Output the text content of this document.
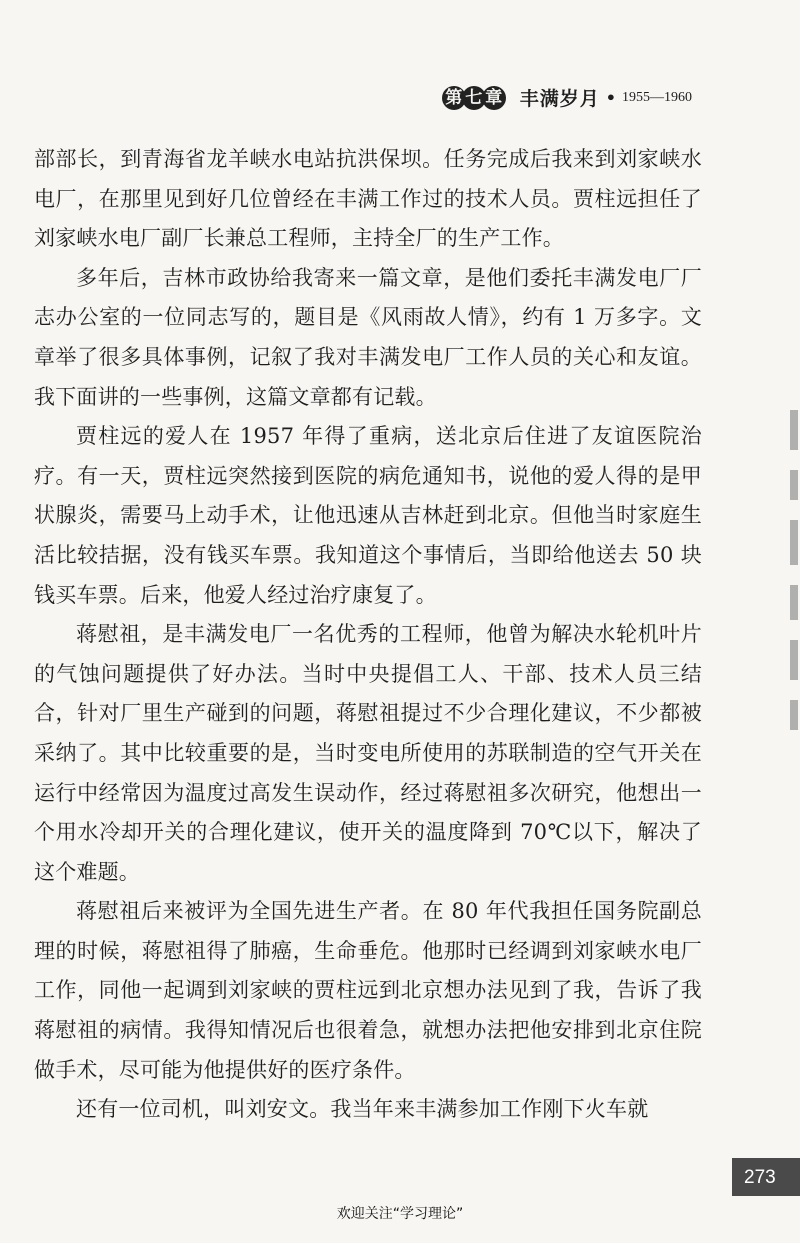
第 七 章 丰满岁月 • 1955—1960

部部长，到青海省龙羊峡水电站抗洪保坝。任务完成后我来到刘家峡水电厂，在那里见到好几位曾经在丰满工作过的技术人员。贾柱远担任了刘家峡水电厂副厂长兼总工程师，主持全厂的生产工作。

多年后，吉林市政协给我寄来一篇文章，是他们委托丰满发电厂厂志办公室的一位同志写的，题目是《风雨故人情》，约有 1 万多字。文章举了很多具体事例，记叙了我对丰满发电厂工作人员的关心和友谊。我下面讲的一些事例，这篇文章都有记载。

贾柱远的爱人在 1957 年得了重病，送北京后住进了友谊医院治疗。有一天，贾柱远突然接到医院的病危通知书，说他的爱人得的是甲状腺炎，需要马上动手术，让他迅速从吉林赶到北京。但他当时家庭生活比较拮据，没有钱买车票。我知道这个事情后，当即给他送去 50 块钱买车票。后来，他爱人经过治疗康复了。

蒋慰祖，是丰满发电厂一名优秀的工程师，他曾为解决水轮机叶片的气蚀问题提供了好办法。当时中央提倡工人、干部、技术人员三结合，针对厂里生产碰到的问题，蒋慰祖提过不少合理化建议，不少都被采纳了。其中比较重要的是，当时变电所使用的苏联制造的空气开关在运行中经常因为温度过高发生误动作，经过蒋慰祖多次研究，他想出一个用水冷却开关的合理化建议，使开关的温度降到 70℃以下，解决了这个难题。

蒋慰祖后来被评为全国先进生产者。在 80 年代我担任国务院副总理的时候，蒋慰祖得了肺癌，生命垂危。他那时已经调到刘家峡水电厂工作，同他一起调到刘家峡的贾柱远到北京想办法见到了我，告诉了我蒋慰祖的病情。我得知情况后也很着急，就想办法把他安排到北京住院做手术，尽可能为他提供好的医疗条件。

还有一位司机，叫刘安文。我当年来丰满参加工作刚下火车就

273
欢迎关注“学习理论”
